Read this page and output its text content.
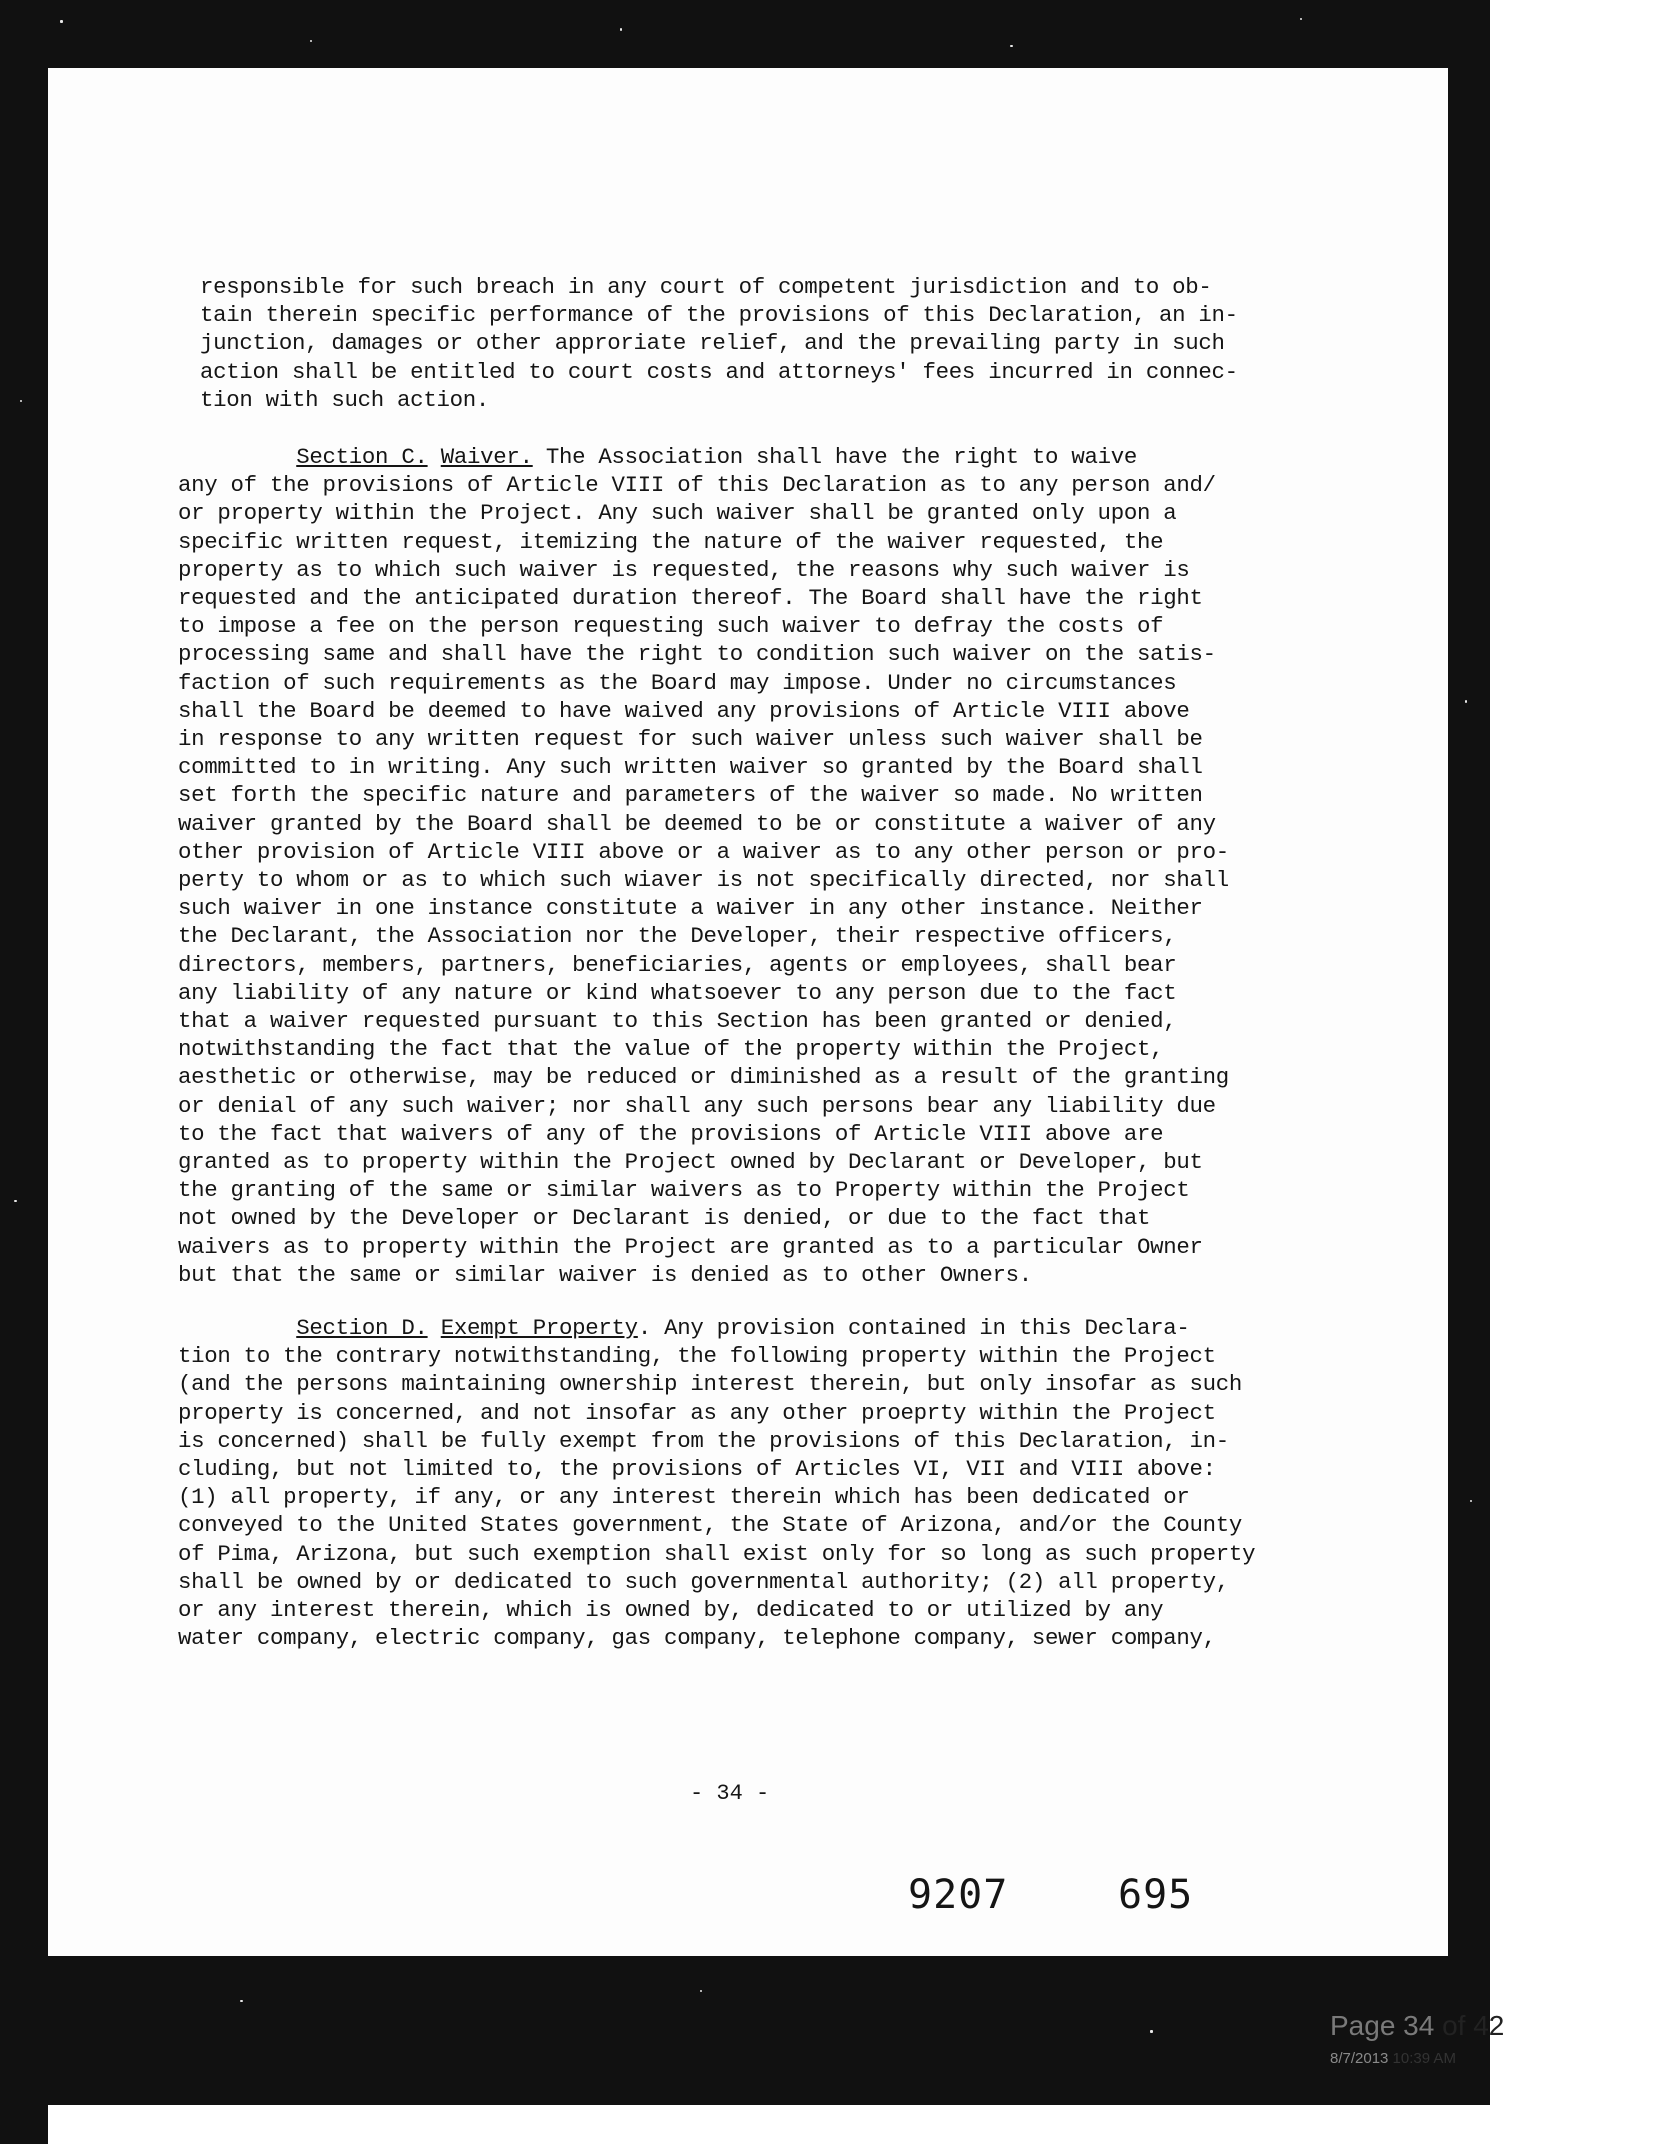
responsible for such breach in any court of competent jurisdiction and to ob-
tain therein specific performance of the provisions of this Declaration, an in-
junction, damages or other approriate relief, and the prevailing party in such
action shall be entitled to court costs and attorneys' fees incurred in connec-
tion with such action.

Section C. Waiver. The Association shall have the right to waive
any of the provisions of Article VIII of this Declaration as to any person and/
or property within the Project. Any such waiver shall be granted only upon a
specific written request, itemizing the nature of the waiver requested, the
property as to which such waiver is requested, the reasons why such waiver is
requested and the anticipated duration thereof. The Board shall have the right
to impose a fee on the person requesting such waiver to defray the costs of
processing same and shall have the right to condition such waiver on the satis-
faction of such requirements as the Board may impose. Under no circumstances
shall the Board be deemed to have waived any provisions of Article VIII above
in response to any written request for such waiver unless such waiver shall be
committed to in writing. Any such written waiver so granted by the Board shall
set forth the specific nature and parameters of the waiver so made. No written
waiver granted by the Board shall be deemed to be or constitute a waiver of any
other provision of Article VIII above or a waiver as to any other person or pro-
perty to whom or as to which such wiaver is not specifically directed, nor shall
such waiver in one instance constitute a waiver in any other instance. Neither
the Declarant, the Association nor the Developer, their respective officers,
directors, members, partners, beneficiaries, agents or employees, shall bear
any liability of any nature or kind whatsoever to any person due to the fact
that a waiver requested pursuant to this Section has been granted or denied,
notwithstanding the fact that the value of the property within the Project,
aesthetic or otherwise, may be reduced or diminished as a result of the granting
or denial of any such waiver; nor shall any such persons bear any liability due
to the fact that waivers of any of the provisions of Article VIII above are
granted as to property within the Project owned by Declarant or Developer, but
the granting of the same or similar waivers as to Property within the Project
not owned by the Developer or Declarant is denied, or due to the fact that
waivers as to property within the Project are granted as to a particular Owner
but that the same or similar waiver is denied as to other Owners.

Section D. Exempt Property. Any provision contained in this Declara-
tion to the contrary notwithstanding, the following property within the Project
(and the persons maintaining ownership interest therein, but only insofar as such
property is concerned, and not insofar as any other proeprty within the Project
is concerned) shall be fully exempt from the provisions of this Declaration, in-
cluding, but not limited to, the provisions of Articles VI, VII and VIII above:
(1) all property, if any, or any interest therein which has been dedicated or
conveyed to the United States government, the State of Arizona, and/or the County
of Pima, Arizona, but such exemption shall exist only for so long as such property
shall be owned by or dedicated to such governmental authority; (2) all property,
or any interest therein, which is owned by, dedicated to or utilized by any
water company, electric company, gas company, telephone company, sewer company,

- 34 -
9207	695
Page 34 of 42
8/7/2013 10:39 AM
